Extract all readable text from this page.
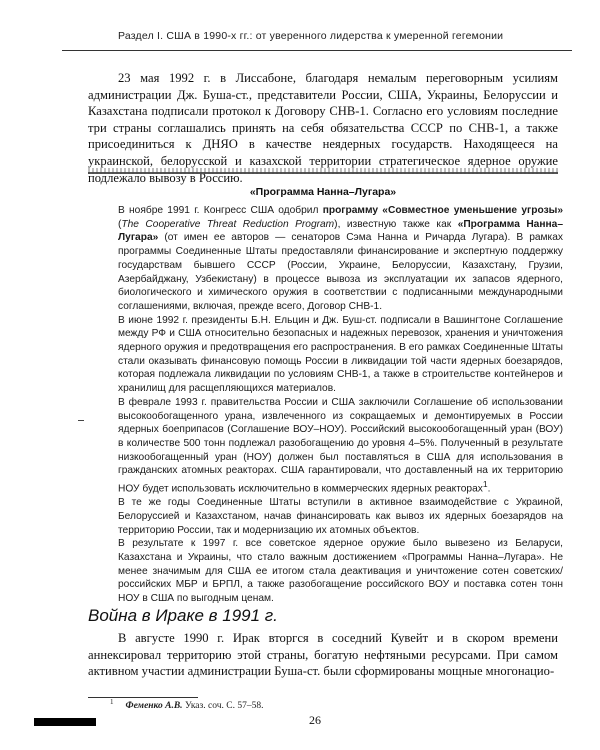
Раздел I. США в 1990-х гг.: от уверенного лидерства к умеренной гегемонии

23 мая 1992 г. в Лиссабоне, благодаря немалым переговорным усилиям администрации Дж. Буша-ст., представители России, США, Украины, Белоруссии и Казахстана подписали протокол к Договору СНВ-1. Согласно его условиям последние три страны соглашались принять на себя обязательства СССР по СНВ-1, а также присоединиться к ДНЯО в качестве неядерных государств. Находящееся на украинской, белорусской и казахской территории стратегическое ядерное оружие подлежало вывозу в Россию.

«Программа Нанна–Лугара»

В ноябре 1991 г. Конгресс США одобрил программу «Совместное уменьшение угрозы» (The Cooperative Threat Reduction Program), известную также как «Программа Нанна–Лугара» (от имен ее авторов — сенаторов Сэма Нанна и Ричарда Лугара). В рамках программы Соединенные Штаты предоставляли финансирование и экспертную поддержку государствам бывшего СССР (России, Украине, Белоруссии, Казахстану, Грузии, Азербайджану, Узбекистану) в процессе вывоза из эксплуатации их запасов ядерного, биологического и химического оружия в соответствии с подписанными международными соглашениями, включая, прежде всего, Договор СНВ-1.

В июне 1992 г. президенты Б.Н. Ельцин и Дж. Буш-ст. подписали в Вашингтоне Соглашение между РФ и США относительно безопасных и надежных перевозок, хранения и уничтожения ядерного оружия и предотвращения его распространения. В его рамках Соединенные Штаты стали оказывать финансовую помощь России в ликвидации той части ядерных боезарядов, которая подлежала ликвидации по условиям СНВ-1, а также в строительстве контейнеров и хранилищ для расщепляющихся материалов.

В феврале 1993 г. правительства России и США заключили Соглашение об использовании высокообогащенного урана, извлеченного из сокращаемых и демонтируемых в России ядерных боеприпасов (Соглашение ВОУ–НОУ). Российский высокообогащенный уран (ВОУ) в количестве 500 тонн подлежал разобогащению до уровня 4–5%. Полученный в результате низкообогащенный уран (НОУ) должен был поставляться в США для использования в гражданских атомных реакторах. США гарантировали, что доставленный на их территорию НОУ будет использовать исключительно в коммерческих ядерных реакторах$^1$.

В те же годы Соединенные Штаты вступили в активное взаимодействие с Украиной, Белоруссией и Казахстаном, начав финансировать как вывоз их ядерных боезарядов на территорию России, так и модернизацию их атомных объектов.

В результате к 1997 г. все советское ядерное оружие было вывезено из Беларуси, Казахстана и Украины, что стало важным достижением «Программы Нанна–Лугара». Не менее значимым для США ее итогом стала деактивация и уничтожение сотен советских/российских МБР и БРПЛ, а также разобогащение российского ВОУ и поставка сотен тонн НОУ в США по выгодным ценам.

Война в Ираке в 1991 г.

В августе 1990 г. Ирак вторгся в соседний Кувейт и в скором времени аннексировал территорию этой страны, богатую нефтяными ресурсами. При самом активном участии администрации Буша-ст. были сформированы мощные многонацио-

$^1$ Феменко А.В. Указ. соч. С. 57–58.
26
